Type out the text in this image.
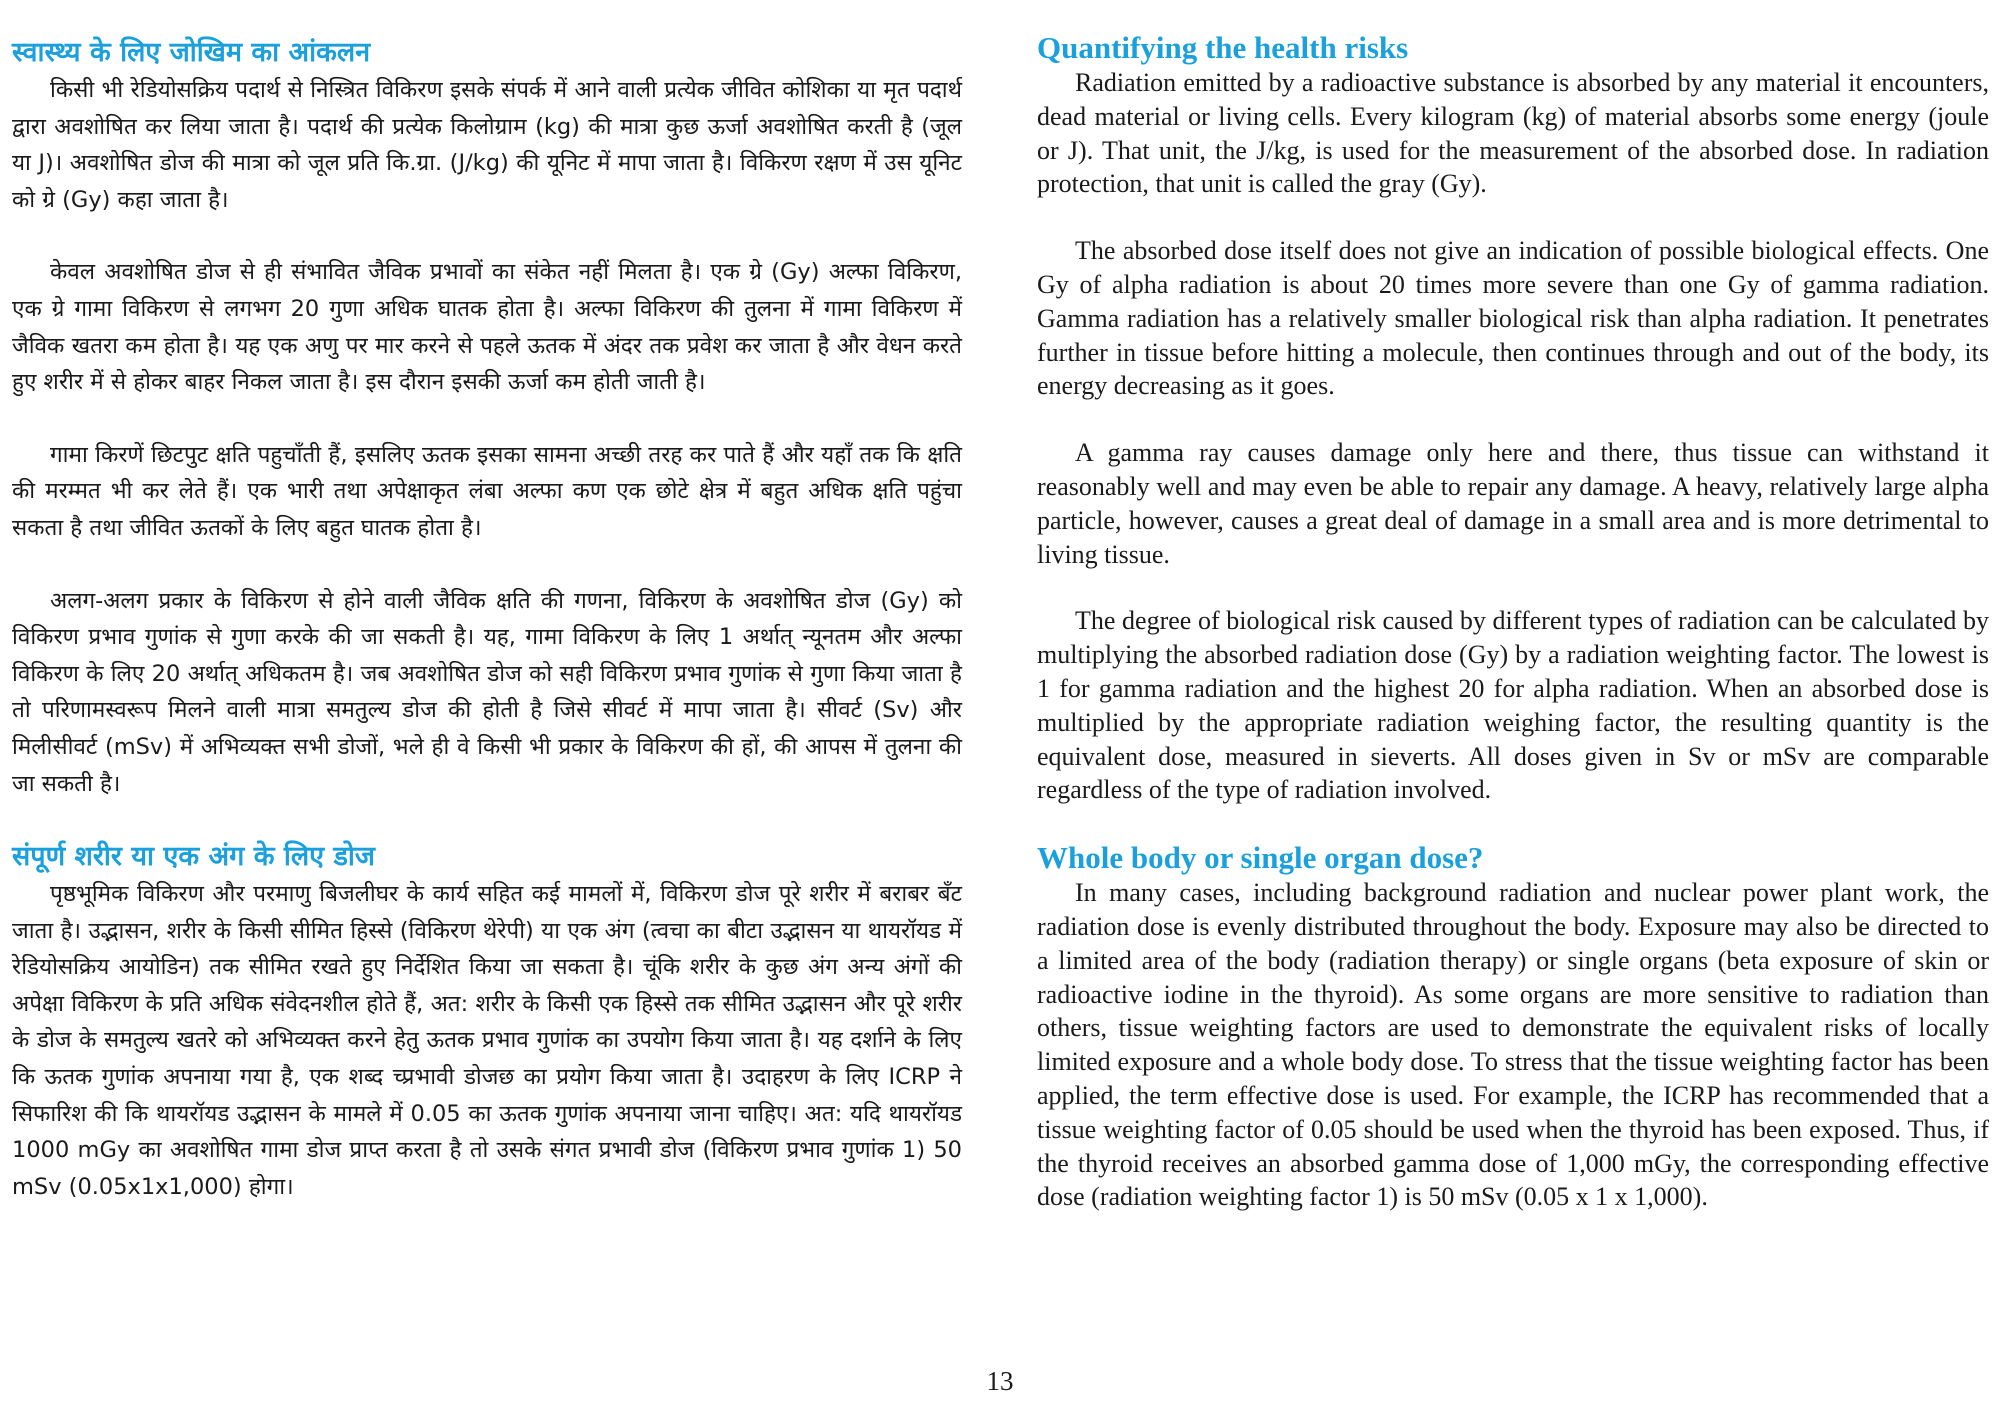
स्वास्थ्य के लिए जोखिम का आंकलन

किसी भी रेडियोसक्रिय पदार्थ से निस्त्रित विकिरण इसके संपर्क में आने वाली प्रत्येक जीवित कोशिका या मृत पदार्थ द्वारा अवशोषित कर लिया जाता है। पदार्थ की प्रत्येक किलोग्राम (kg) की मात्रा कुछ ऊर्जा अवशोषित करती है (जूल या J)। अवशोषित डोज की मात्रा को जूल प्रति कि.ग्रा. (J/kg) की यूनिट में मापा जाता है। विकिरण रक्षण में उस यूनिट को ग्रे (Gy) कहा जाता है।

केवल अवशोषित डोज से ही संभावित जैविक प्रभावों का संकेत नहीं मिलता है। एक ग्रे (Gy) अल्फा विकिरण, एक ग्रे गामा विकिरण से लगभग 20 गुणा अधिक घातक होता है। अल्फा विकिरण की तुलना में गामा विकिरण में जैविक खतरा कम होता है। यह एक अणु पर मार करने से पहले ऊतक में अंदर तक प्रवेश कर जाता है और वेधन करते हुए शरीर में से होकर बाहर निकल जाता है। इस दौरान इसकी ऊर्जा कम होती जाती है।

गामा किरणें छिटपुट क्षति पहुचाँती हैं, इसलिए ऊतक इसका सामना अच्छी तरह कर पाते हैं और यहाँ तक कि क्षति की मरम्मत भी कर लेते हैं। एक भारी तथा अपेक्षाकृत लंबा अल्फा कण एक छोटे क्षेत्र में बहुत अधिक क्षति पहुंचा सकता है तथा जीवित ऊतकों के लिए बहुत घातक होता है।

अलग-अलग प्रकार के विकिरण से होने वाली जैविक क्षति की गणना, विकिरण के अवशोषित डोज (Gy) को विकिरण प्रभाव गुणांक से गुणा करके की जा सकती है। यह, गामा विकिरण के लिए 1 अर्थात् न्यूनतम और अल्फा विकिरण के लिए 20 अर्थात् अधिकतम है। जब अवशोषित डोज को सही विकिरण प्रभाव गुणांक से गुणा किया जाता है तो परिणामस्वरूप मिलने वाली मात्रा समतुल्य डोज की होती है जिसे सीवर्ट में मापा जाता है। सीवर्ट (Sv) और मिलीसीवर्ट (mSv) में अभिव्यक्त सभी डोजों, भले ही वे किसी भी प्रकार के विकिरण की हों, की आपस में तुलना की जा सकती है।

संपूर्ण शरीर या एक अंग के लिए डोज

पृष्ठभूमिक विकिरण और परमाणु बिजलीघर के कार्य सहित कई मामलों में, विकिरण डोज पूरे शरीर में बराबर बँट जाता है। उद्भासन, शरीर के किसी सीमित हिस्से (विकिरण थेरेपी) या एक अंग (त्वचा का बीटा उद्भासन या थायरॉयड में रेडियोसक्रिय आयोडिन) तक सीमित रखते हुए निर्देशित किया जा सकता है। चूंकि शरीर के कुछ अंग अन्य अंगों की अपेक्षा विकिरण के प्रति अधिक संवेदनशील होते हैं, अत: शरीर के किसी एक हिस्से तक सीमित उद्भासन और पूरे शरीर के डोज के समतुल्य खतरे को अभिव्यक्त करने हेतु ऊतक प्रभाव गुणांक का उपयोग किया जाता है। यह दर्शाने के लिए कि ऊतक गुणांक अपनाया गया है, एक शब्द च्प्रभावी डोजछ का प्रयोग किया जाता है। उदाहरण के लिए ICRP ने सिफारिश की कि थायरॉयड उद्भासन के मामले में 0.05 का ऊतक गुणांक अपनाया जाना चाहिए। अत: यदि थायरॉयड 1000 mGy का अवशोषित गामा डोज प्राप्त करता है तो उसके संगत प्रभावी डोज (विकिरण प्रभाव गुणांक 1) 50 mSv (0.05x1x1,000) होगा।

Quantifying the health risks

Radiation emitted by a radioactive substance is absorbed by any material it encounters, dead material or living cells. Every kilogram (kg) of material absorbs some energy (joule or J). That unit, the J/kg, is used for the measurement of the absorbed dose. In radiation protection, that unit is called the gray (Gy).

The absorbed dose itself does not give an indication of possible biological effects. One Gy of alpha radiation is about 20 times more severe than one Gy of gamma radiation. Gamma radiation has a relatively smaller biological risk than alpha radiation. It penetrates further in tissue before hitting a molecule, then continues through and out of the body, its energy decreasing as it goes.

A gamma ray causes damage only here and there, thus tissue can withstand it reasonably well and may even be able to repair any damage. A heavy, relatively large alpha particle, however, causes a great deal of damage in a small area and is more detrimental to living tissue.

The degree of biological risk caused by different types of radiation can be calculated by multiplying the absorbed radiation dose (Gy) by a radiation weighting factor. The lowest is 1 for gamma radiation and the highest 20 for alpha radiation. When an absorbed dose is multiplied by the appropriate radiation weighing factor, the resulting quantity is the equivalent dose, measured in sieverts. All doses given in Sv or mSv are comparable regardless of the type of radiation involved.

Whole body or single organ dose?

In many cases, including background radiation and nuclear power plant work, the radiation dose is evenly distributed throughout the body. Exposure may also be directed to a limited area of the body (radiation therapy) or single organs (beta exposure of skin or radioactive iodine in the thyroid). As some organs are more sensitive to radiation than others, tissue weighting factors are used to demonstrate the equivalent risks of locally limited exposure and a whole body dose. To stress that the tissue weighting factor has been applied, the term effective dose is used. For example, the ICRP has recommended that a tissue weighting factor of 0.05 should be used when the thyroid has been exposed. Thus, if the thyroid receives an absorbed gamma dose of 1,000 mGy, the corresponding effective dose (radiation weighting factor 1) is 50 mSv (0.05 x 1 x 1,000).

13
